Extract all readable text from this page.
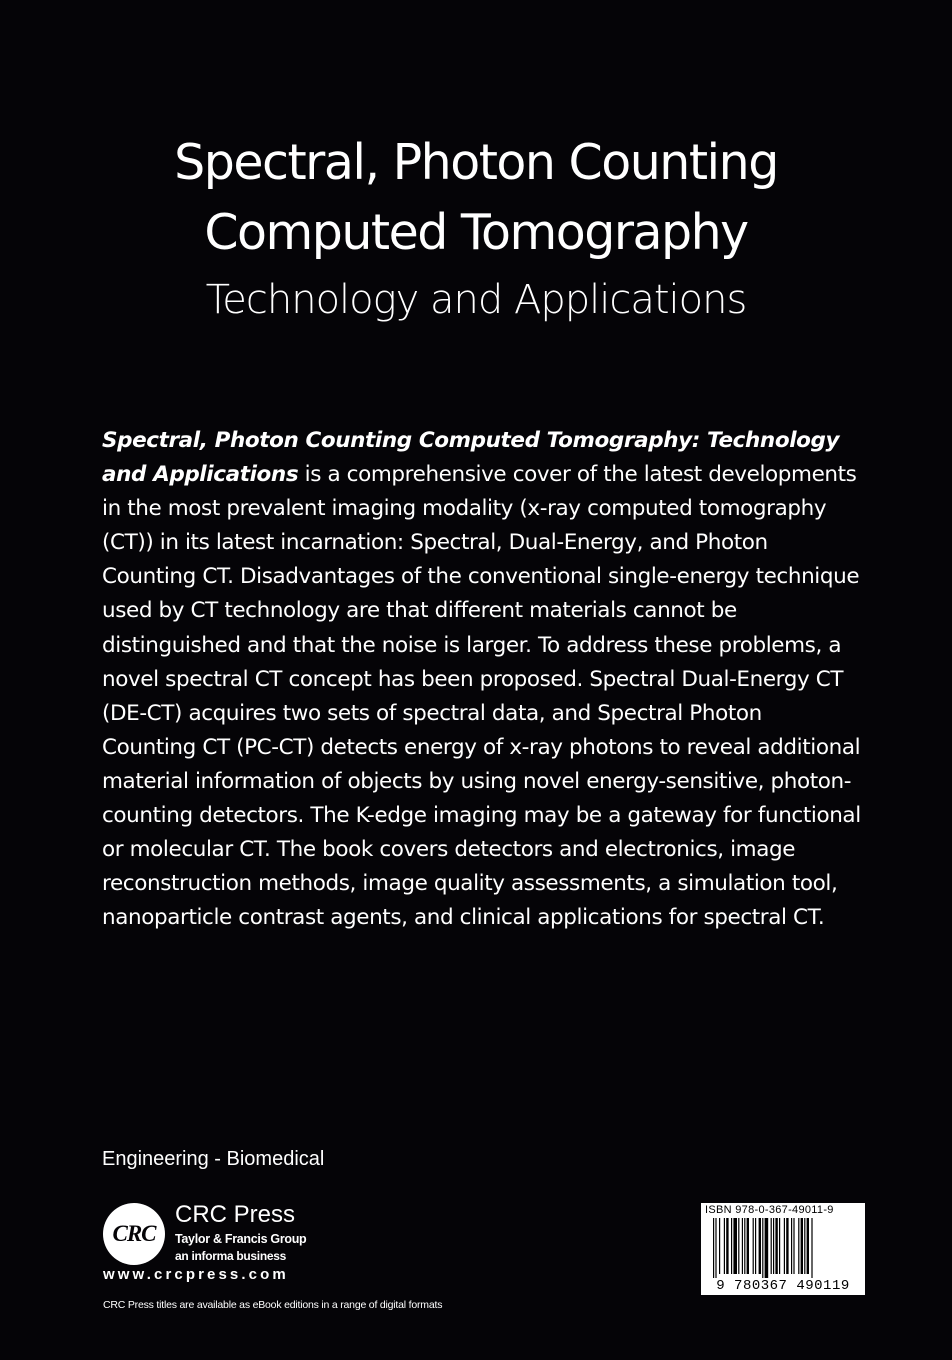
Spectral, Photon Counting
Computed Tomography
Technology and Applications
Spectral, Photon Counting Computed Tomography: Technology and Applications is a comprehensive cover of the latest developments in the most prevalent imaging modality (x-ray computed tomography (CT)) in its latest incarnation: Spectral, Dual-Energy, and Photon Counting CT. Disadvantages of the conventional single-energy technique used by CT technology are that different materials cannot be distinguished and that the noise is larger. To address these problems, a novel spectral CT concept has been proposed. Spectral Dual-Energy CT (DE-CT) acquires two sets of spectral data, and Spectral Photon Counting CT (PC-CT) detects energy of x-ray photons to reveal additional material information of objects by using novel energy-sensitive, photon-counting detectors. The K-edge imaging may be a gateway for functional or molecular CT. The book covers detectors and electronics, image reconstruction methods, image quality assessments, a simulation tool, nanoparticle contrast agents, and clinical applications for spectral CT.
Engineering - Biomedical
CRC
CRC Press
Taylor & Francis Group
an informa business
www.crcpress.com
CRC Press titles are available as eBook editions in a range of digital formats
ISBN 978-0-367-49011-9
9 780367 490119
